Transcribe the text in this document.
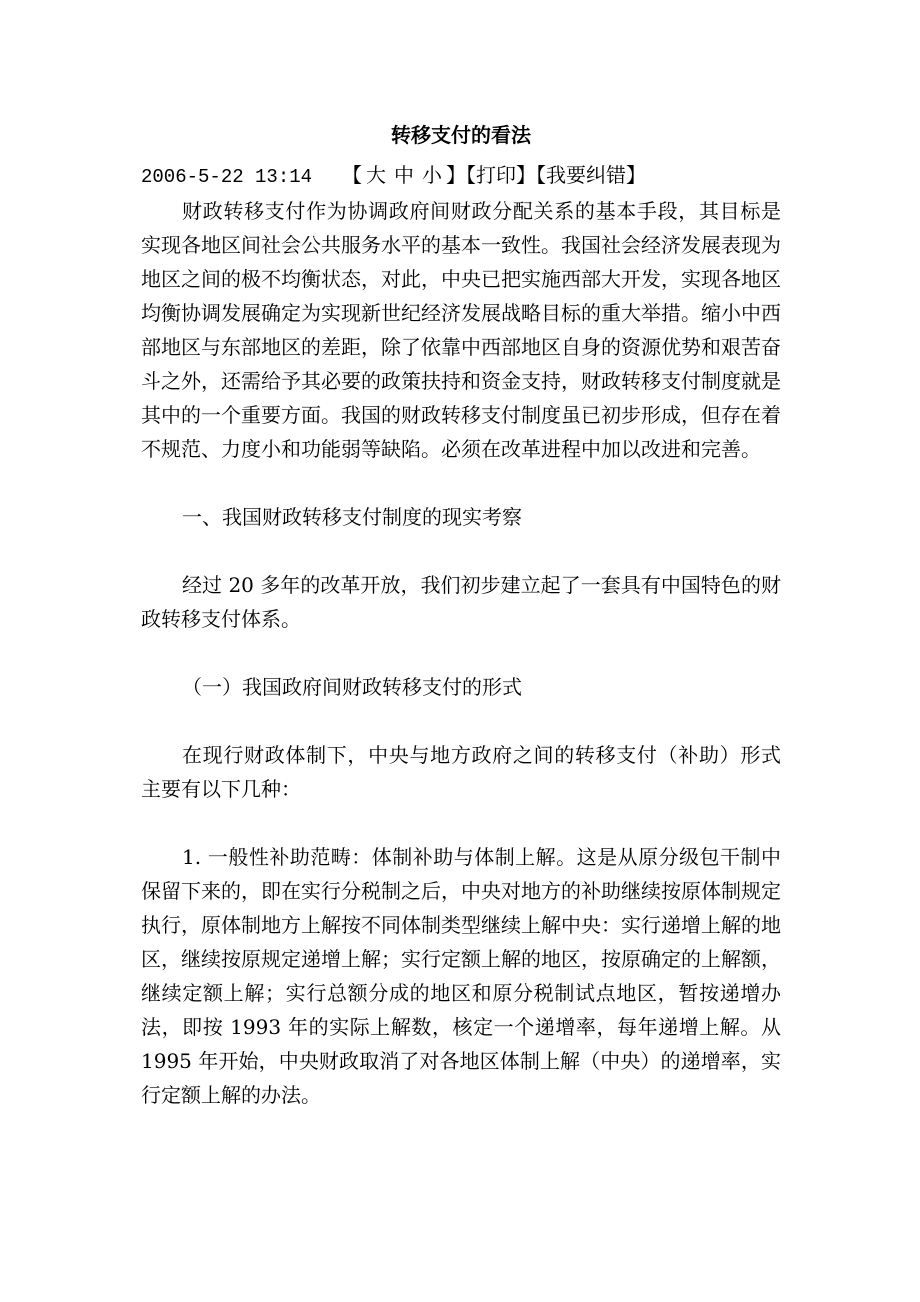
转移支付的看法
2006-5-22 13:14 【 大 中 小 】【打印】【我要纠错】

财政转移支付作为协调政府间财政分配关系的基本手段，其目标是实现各地区间社会公共服务水平的基本一致性。我国社会经济发展表现为地区之间的极不均衡状态，对此，中央已把实施西部大开发，实现各地区均衡协调发展确定为实现新世纪经济发展战略目标的重大举措。缩小中西部地区与东部地区的差距，除了依靠中西部地区自身的资源优势和艰苦奋斗之外，还需给予其必要的政策扶持和资金支持，财政转移支付制度就是其中的一个重要方面。我国的财政转移支付制度虽已初步形成，但存在着不规范、力度小和功能弱等缺陷。必须在改革进程中加以改进和完善。

一、我国财政转移支付制度的现实考察

经过 20 多年的改革开放，我们初步建立起了一套具有中国特色的财政转移支付体系。

（一）我国政府间财政转移支付的形式

在现行财政体制下，中央与地方政府之间的转移支付（补助）形式主要有以下几种：

1. 一般性补助范畴：体制补助与体制上解。这是从原分级包干制中保留下来的，即在实行分税制之后，中央对地方的补助继续按原体制规定执行，原体制地方上解按不同体制类型继续上解中央：实行递增上解的地区，继续按原规定递增上解；实行定额上解的地区，按原确定的上解额，继续定额上解；实行总额分成的地区和原分税制试点地区，暂按递增办法，即按 1993 年的实际上解数，核定一个递增率，每年递增上解。从 1995 年开始，中央财政取消了对各地区体制上解（中央）的递增率，实行定额上解的办法。
